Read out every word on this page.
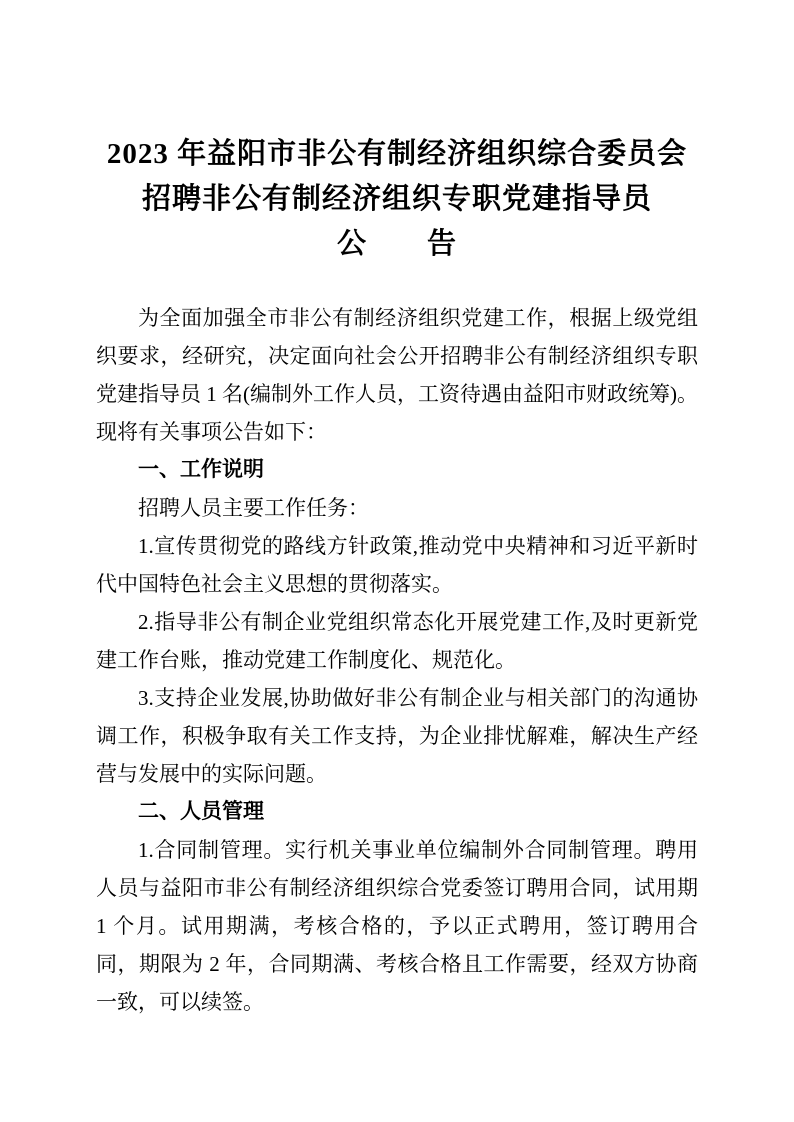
2023 年益阳市非公有制经济组织综合委员会
招聘非公有制经济组织专职党建指导员
公　　告

为全面加强全市非公有制经济组织党建工作，根据上级党组织要求，经研究，决定面向社会公开招聘非公有制经济组织专职党建指导员 1 名(编制外工作人员，工资待遇由益阳市财政统筹)。现将有关事项公告如下：

一、工作说明

招聘人员主要工作任务：

1.宣传贯彻党的路线方针政策,推动党中央精神和习近平新时代中国特色社会主义思想的贯彻落实。

2.指导非公有制企业党组织常态化开展党建工作,及时更新党建工作台账，推动党建工作制度化、规范化。

3.支持企业发展,协助做好非公有制企业与相关部门的沟通协调工作，积极争取有关工作支持，为企业排忧解难，解决生产经营与发展中的实际问题。

二、人员管理

1.合同制管理。实行机关事业单位编制外合同制管理。聘用人员与益阳市非公有制经济组织综合党委签订聘用合同，试用期 1 个月。试用期满，考核合格的，予以正式聘用，签订聘用合同，期限为 2 年，合同期满、考核合格且工作需要，经双方协商一致，可以续签。
